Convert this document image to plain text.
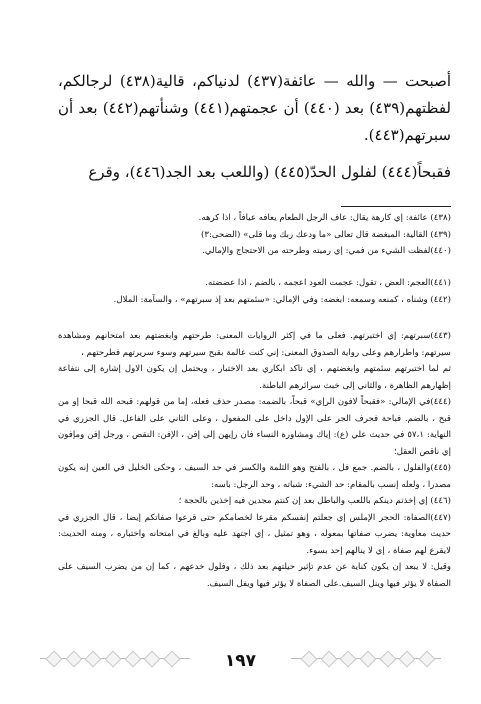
أصبحت — والله — عائفة(٤٣٧) لدنياكم، قالية(٤٣٨) لرجالكم، لفظتهم(٤٣٩) بعد (٤٤٠) أن عجمتهم(٤٤١) وشنأتهم(٤٤٢) بعد أن سبرتهم(٤٤٣).

فقبحاً(٤٤٤) لفلول الحدّ(٤٤٥) (واللعب بعد الجد(٤٤٦)، وقرع

(٤٣٨) عائفة: إي كارهة يقال: عاف الرجل الطعام يعافه عيافاً ، اذا كرهه.

(٤٣٩) القالية: المبغضة قال تعالى «ما ودعك ربك وما قلى» (الضحى:٣)

(٤٤٠)لفظت الشيء من فمي: إي رميته وطرحته من الاحتجاج والإمالي.

(٤٤١)العجم: العض ، تقول: عجمت العود اعجمه ، بالضم ، اذا عضضته.

(٤٤٢) وشناه ، كمنعه وسمعه: ابغضه: وفي الإمالي: «سئمتهم بعد إذ سبرتهم» ، والسآمة: الملال.

(٤٤٣)سبرتهم: إي اختبرتهم. فعلى ما في إكثر الروايات المعنى: طرحتهم وابغضتهم بعد امتحانهم ومشاهدة سيرتهم: واطرارهم وعلى رواية الصدوق المعنى: إني كنت عالمة بقبح سيرتهم وسوء سريرتهم فطرحتهم ،

ثم لما اختبرتهم سئمتهم وابغضتهم ، إي تاكد ابكاري بعد الاختبار ، ويحتمل إن يكون الاول إشارة إلى نتفاعة إظهارهم الظاهرة ، والثاني إلى خبث سرائرهم الباطنة.

(٤٤٤)في الإمالي: «فقبحاً لافون الرإي» قبحاً، بالضمه: مصدر حذف فعله، إما من قولهم: قبحه الله قبحا إو من قبح ، بالضم. فباحة فحرف الجر على الإول داخل على المفعول ، وعلى الثاني على الفاعل. قال الجزري في النهاية: ٥٧،١ في حديث علي (ع): إياك ومشاورة النساء فان رإيهن إلى إفن ، الإفن: النقص ، ورجل إفن ومإفون إي ناقص العقل؛

(٤٤٥)والفلول ، بالضم. جمع فل ، بالفتح وهو الثلمة والكسر في حد السيف ، وحكى الخليل في العين إنه يكون مصدرا ، ولعله إنسب بالمقام: حد الشيء: شباته ، وحد الرجل: باسه:

(٤٤٦) إي إخذتم دينكم باللعب والباطل بعد إن كنتم مجدين فيه إخذين بالحجة ؛

(٤٤٧)الصفاة: الحجر الإملس إي جعلتم إنفسكم مقرعا لخصامكم حتى قرعوا صفاتكم إيضا ، قال الجزري في حديث معاوية: يضرب صفاتها بمعوله ، وهو تمثيل ، إي اجتهد عليه وبالغ في امتحانه واختباره ، ومنه الحديث: لايقرع لهم صفاة ، إي لا ينالهم إحد بسوء.

وقيل: لا يبعد إن يكون كناية عن عدم تإثير حيلتهم بعد ذلك ، وفلول خدعهم ، كما إن من يضرب السيف على الصفاة لا يؤثر فيها وينل السيف.على الصفاة لا يؤثر فيها ويفل السيف.

١٩٧
